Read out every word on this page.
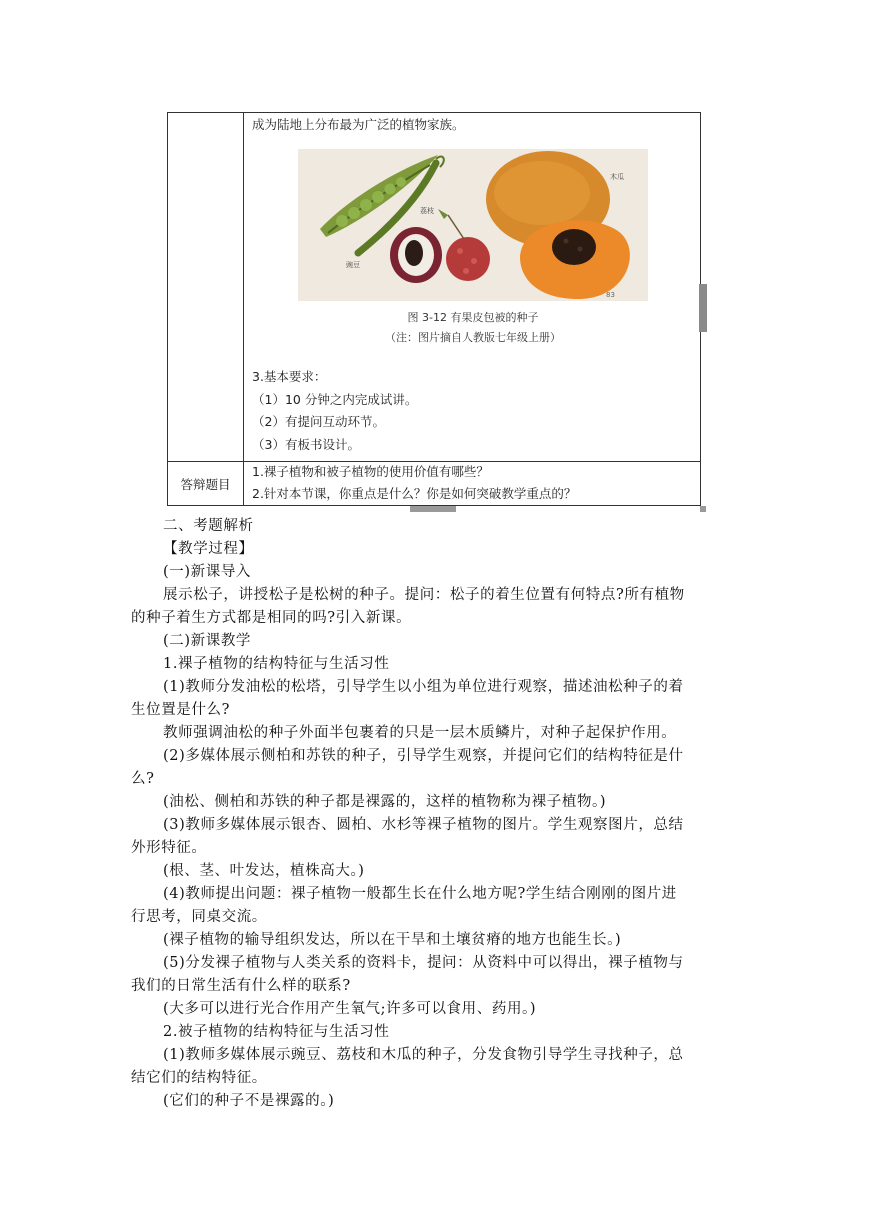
成为陆地上分布最为广泛的植物家族。
荔枝
木瓜
豌豆
83
图 3-12 有果皮包被的种子
（注：图片摘自人教版七年级上册）
3.基本要求：
（1）10 分钟之内完成试讲。
（2）有提问互动环节。
（3）有板书设计。
答辩题目
1.裸子植物和被子植物的使用价值有哪些？
2.针对本节课，你重点是什么？你是如何突破教学重点的？
二、考题解析
【教学过程】
(一)新课导入
展示松子，讲授松子是松树的种子。提问：松子的着生位置有何特点?所有植物
的种子着生方式都是相同的吗?引入新课。
(二)新课教学
1.裸子植物的结构特征与生活习性
(1)教师分发油松的松塔，引导学生以小组为单位进行观察，描述油松种子的着
生位置是什么?
教师强调油松的种子外面半包裹着的只是一层木质鳞片，对种子起保护作用。
(2)多媒体展示侧柏和苏铁的种子，引导学生观察，并提问它们的结构特征是什
么?
(油松、侧柏和苏铁的种子都是裸露的，这样的植物称为裸子植物。)
(3)教师多媒体展示银杏、圆柏、水杉等裸子植物的图片。学生观察图片，总结
外形特征。
(根、茎、叶发达，植株高大。)
(4)教师提出问题：裸子植物一般都生长在什么地方呢?学生结合刚刚的图片进
行思考，同桌交流。
(裸子植物的输导组织发达，所以在干旱和土壤贫瘠的地方也能生长。)
(5)分发裸子植物与人类关系的资料卡，提问：从资料中可以得出，裸子植物与
我们的日常生活有什么样的联系?
(大多可以进行光合作用产生氧气;许多可以食用、药用。)
2.被子植物的结构特征与生活习性
(1)教师多媒体展示豌豆、荔枝和木瓜的种子，分发食物引导学生寻找种子，总
结它们的结构特征。
(它们的种子不是裸露的。)
